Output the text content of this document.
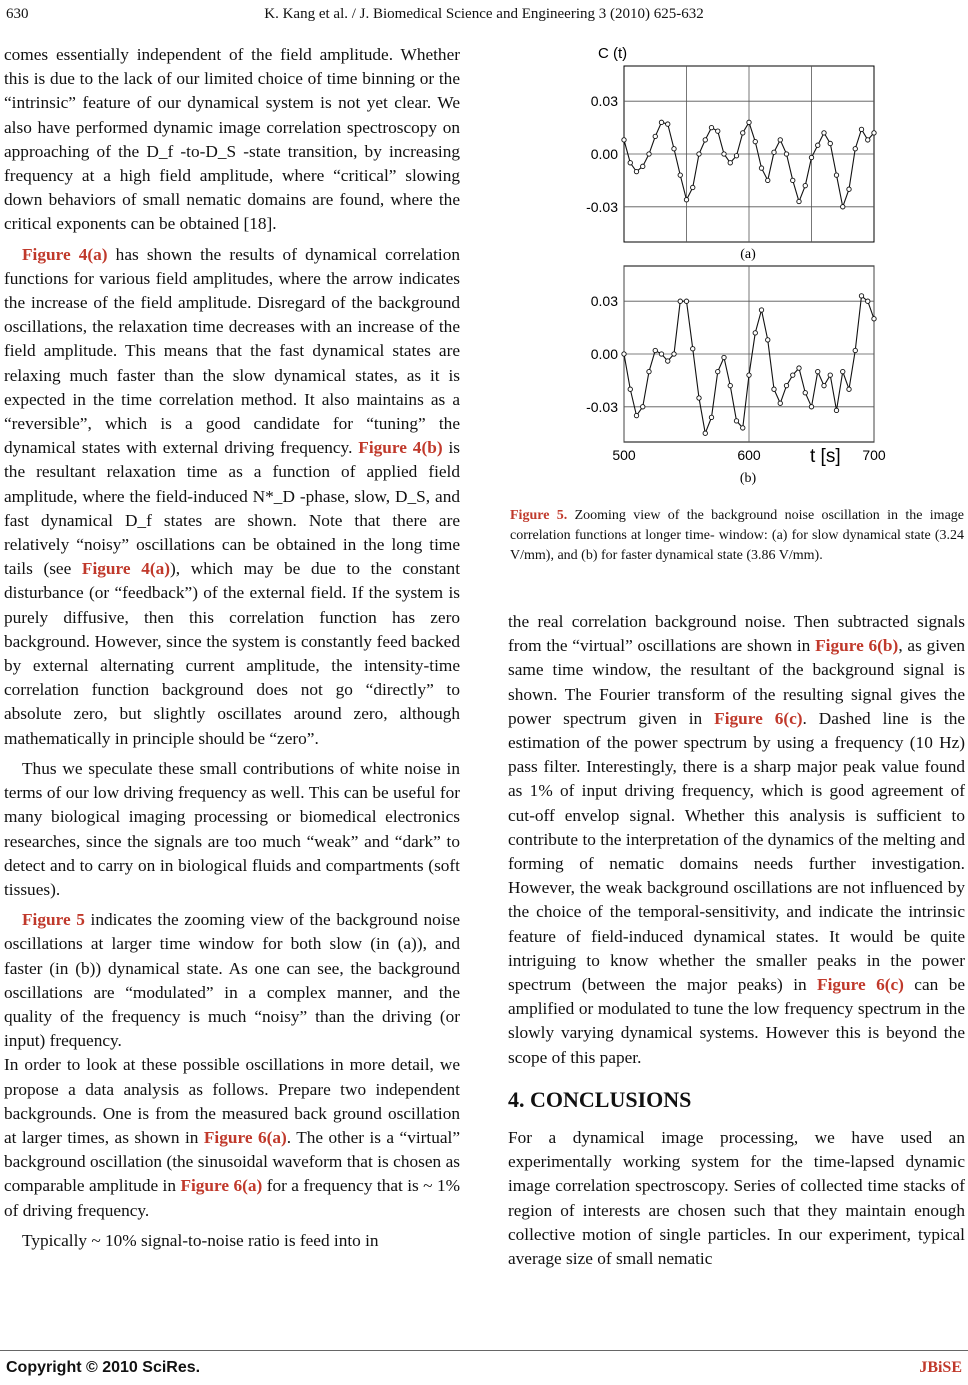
630	K. Kang et al. / J. Biomedical Science and Engineering 3 (2010) 625-632

comes essentially independent of the field amplitude. Whether this is due to the lack of our limited choice of time binning or the “intrinsic” feature of our dynamical system is not yet clear. We also have performed dynamic image correlation spectroscopy on approaching of the D_f -to-D_S -state transition, by increasing frequency at a high field amplitude, where “critical” slowing down behaviors of small nematic domains are found, where the critical exponents can be obtained [18].

Figure 4(a) has shown the results of dynamical correlation functions for various field amplitudes, where the arrow indicates the increase of the field amplitude. Disregard of the background oscillations, the relaxation time decreases with an increase of the field amplitude. This means that the fast dynamical states are relaxing much faster than the slow dynamical states, as it is expected in the time correlation method. It also maintains as a “reversible”, which is a good candidate for “tuning” the dynamical states with external driving frequency. Figure 4(b) is the resultant relaxation time as a function of applied field amplitude, where the field-induced N*_D -phase, slow, D_S, and fast dynamical D_f states are shown. Note that there are relatively “noisy” oscillations can be obtained in the long time tails (see Figure 4(a)), which may be due to the constant disturbance (or “feedback”) of the external field. If the system is purely diffusive, then this correlation function has zero background. However, since the system is constantly feed backed by external alternating current amplitude, the intensity-time correlation function background does not go “directly” to absolute zero, but slightly oscillates around zero, although mathematically in principle should be “zero”.

Thus we speculate these small contributions of white noise in terms of our low driving frequency as well. This can be useful for many biological imaging processing or biomedical electronics researches, since the signals are too much “weak” and “dark” to detect and to carry on in biological fluids and compartments (soft tissues).

Figure 5 indicates the zooming view of the background noise oscillations at larger time window for both slow (in (a)), and faster (in (b)) dynamical state. As one can see, the background oscillations are “modulated” in a complex manner, and the quality of the frequency is much “noisy” than the driving (or input) frequency.

In order to look at these possible oscillations in more detail, we propose a data analysis as follows. Prepare two independent backgrounds. One is from the measured back ground oscillation at larger times, as shown in Figure 6(a). The other is a “virtual” background oscillation (the sinusoidal waveform that is chosen as comparable amplitude in Figure 6(a) for a frequency that is ~ 1% of driving frequency.

Typically ~ 10% signal-to-noise ratio is feed into in

C (t)
0.03
0.00
-0.03
(a)
0.03
0.00
-0.03
500	600	700
t [s]
(b)
Figure 5. Zooming view of the background noise oscillation in the image correlation functions at longer time- window: (a) for slow dynamical state (3.24 V/mm), and (b) for faster dynamical state (3.86 V/mm).

the real correlation background noise. Then subtracted signals from the “virtual” oscillations are shown in Figure 6(b), as given same time window, the resultant of the background signal is shown. The Fourier transform of the resulting signal gives the power spectrum given in Figure 6(c). Dashed line is the estimation of the power spectrum by using a frequency (10 Hz) pass filter. Interestingly, there is a sharp major peak value found as 1% of input driving frequency, which is good agreement of cut-off envelop signal. Whether this analysis is sufficient to contribute to the interpretation of the dynamics of the melting and forming of nematic domains needs further investigation. However, the weak background oscillations are not influenced by the choice of the temporal-sensitivity, and indicate the intrinsic feature of field-induced dynamical states. It would be quite intriguing to know whether the smaller peaks in the power spectrum (between the major peaks) in Figure 6(c) can be amplified or modulated to tune the low frequency spectrum in the slowly varying dynamical systems. However this is beyond the scope of this paper.

4. CONCLUSIONS

For a dynamical image processing, we have used an experimentally working system for the time-lapsed dynamic image correlation spectroscopy. Series of collected time stacks of region of interests are chosen such that they maintain enough collective motion of single particles. In our experiment, typical average size of small nematic

Copyright © 2010 SciRes.	JBiSE
